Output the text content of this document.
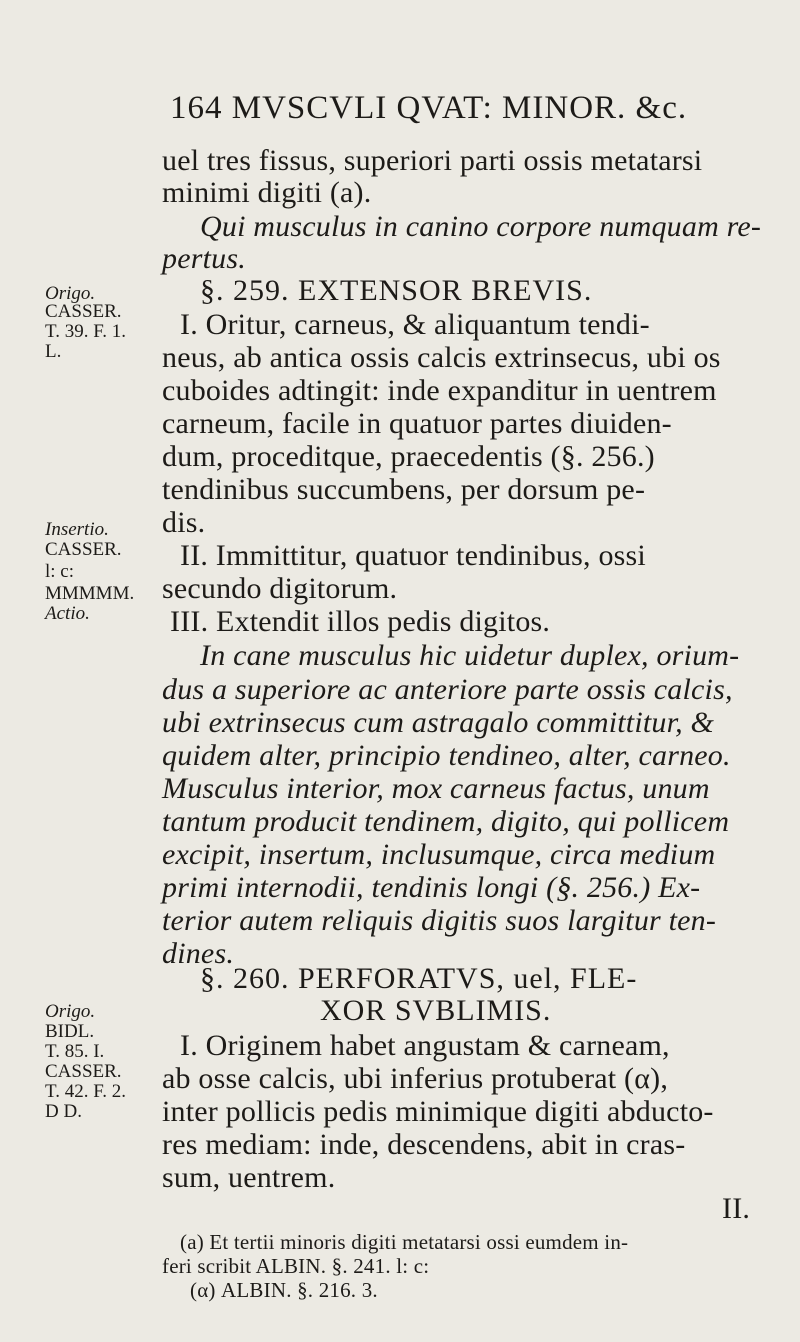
164 MVSCVLI QVAT: MINOR. &c.
uel tres fissus, superiori parti ossis metatarsi
minimi digiti (a).
Qui musculus in canino corpore numquam re-
pertus.
§. 259. EXTENSOR BREVIS.
I. Oritur, carneus, & aliquantum tendi-
neus, ab antica ossis calcis extrinsecus, ubi os
cuboides adtingit: inde expanditur in uentrem
carneum, facile in quatuor partes diuiden-
dum, proceditque, praecedentis (§. 256.)
tendinibus succumbens, per dorsum pe-
dis.
II. Immittitur, quatuor tendinibus, ossi
secundo digitorum.
III. Extendit illos pedis digitos.
In cane musculus hic uidetur duplex, orium-
dus a superiore ac anteriore parte ossis calcis,
ubi extrinsecus cum astragalo committitur, &
quidem alter, principio tendineo, alter, carneo.
Musculus interior, mox carneus factus, unum
tantum producit tendinem, digito, qui pollicem
excipit, insertum, inclusumque, circa medium
primi internodii, tendinis longi (§. 256.) Ex-
terior autem reliquis digitis suos largitur ten-
dines.
§. 260. PERFORATVS, uel, FLE-
XOR SVBLIMIS.
I. Originem habet angustam & carneam,
ab osse calcis, ubi inferius protuberat (α),
inter pollicis pedis minimique digiti abducto-
res mediam: inde, descendens, abit in cras-
sum, uentrem.
II.
Origo.
CASSER.
T. 39. F. 1.
L.
Insertio.
CASSER.
l: c:
MMMMM.
Actio.
Origo.
BIDL.
T. 85. I.
CASSER.
T. 42. F. 2.
D D.
(a) Et tertii minoris digiti metatarsi ossi eumdem in-
feri scribit ALBIN. §. 241. l: c:
(α) ALBIN. §. 216. 3.
